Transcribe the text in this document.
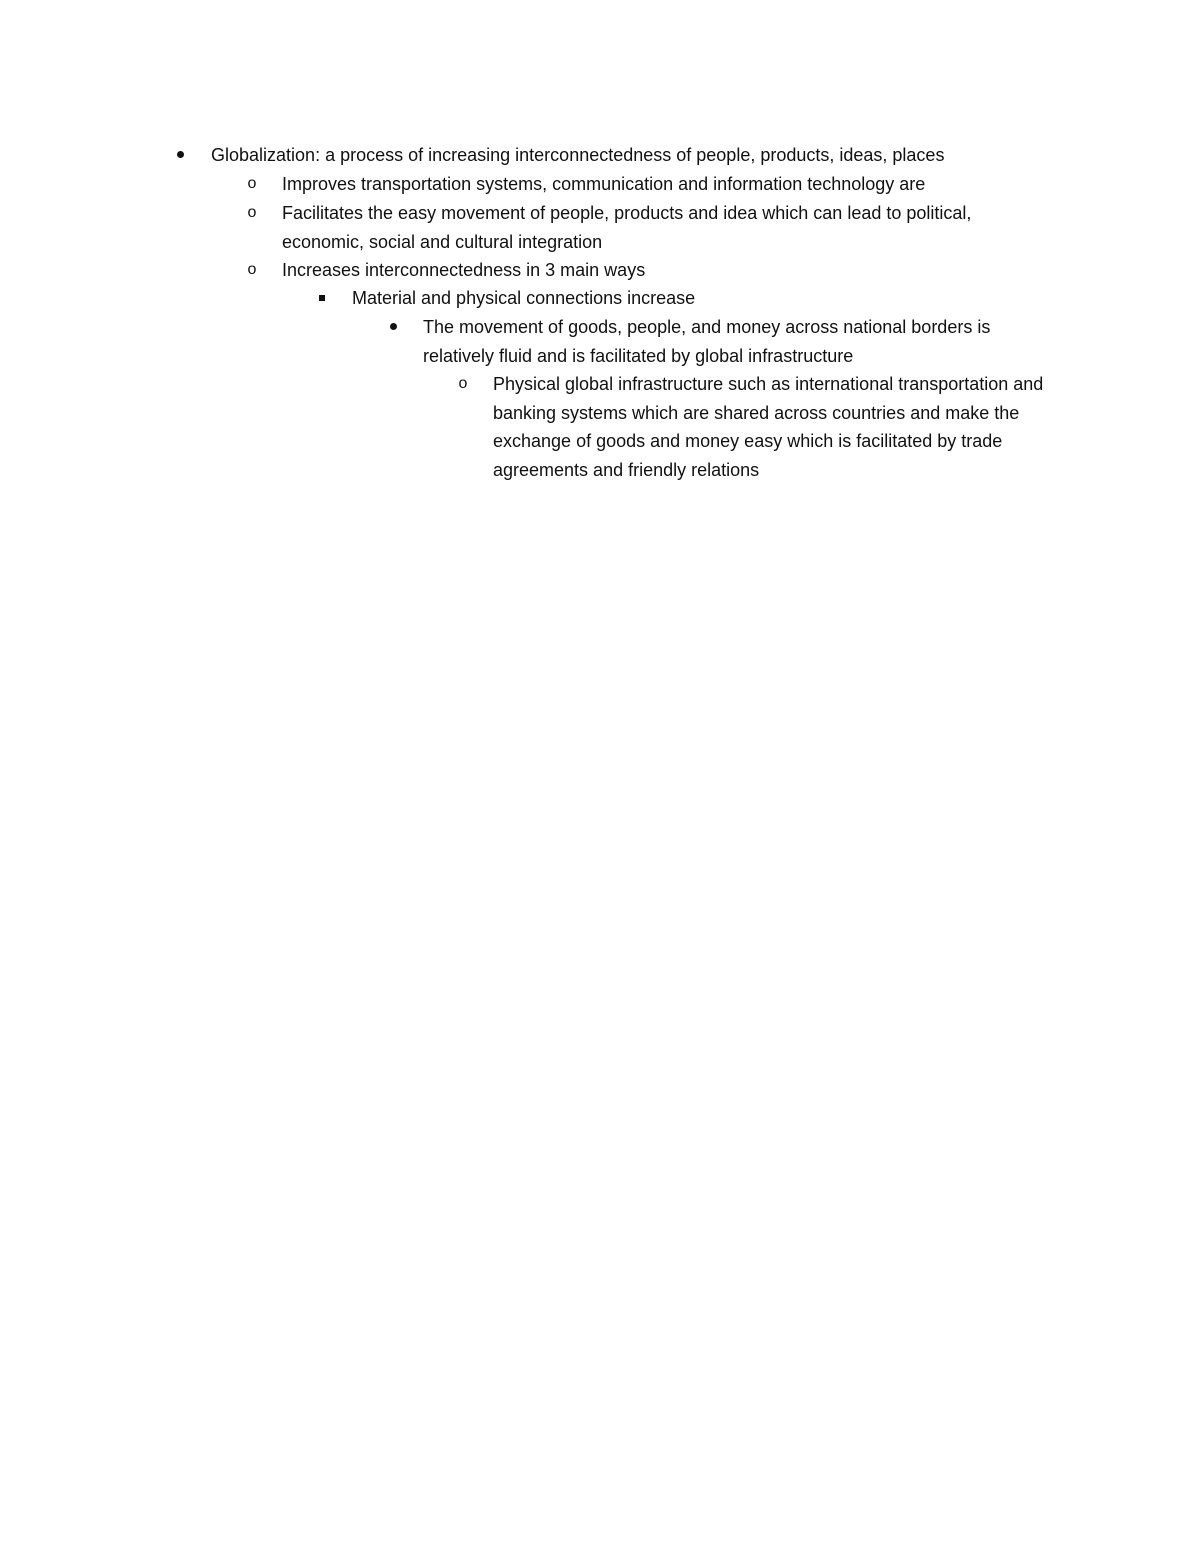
Globalization: a process of increasing interconnectedness of people, products, ideas, places
o	Improves transportation systems, communication and information technology are
o	Facilitates the easy movement of people, products and idea which can lead to political, economic, social and cultural integration
o	Increases interconnectedness in 3 main ways
Material and physical connections increase
The movement of goods, people, and money across national borders is relatively fluid and is facilitated by global infrastructure
o	Physical global infrastructure such as international transportation and banking systems which are shared across countries and make the exchange of goods and money easy which is facilitated by trade agreements and friendly relations
